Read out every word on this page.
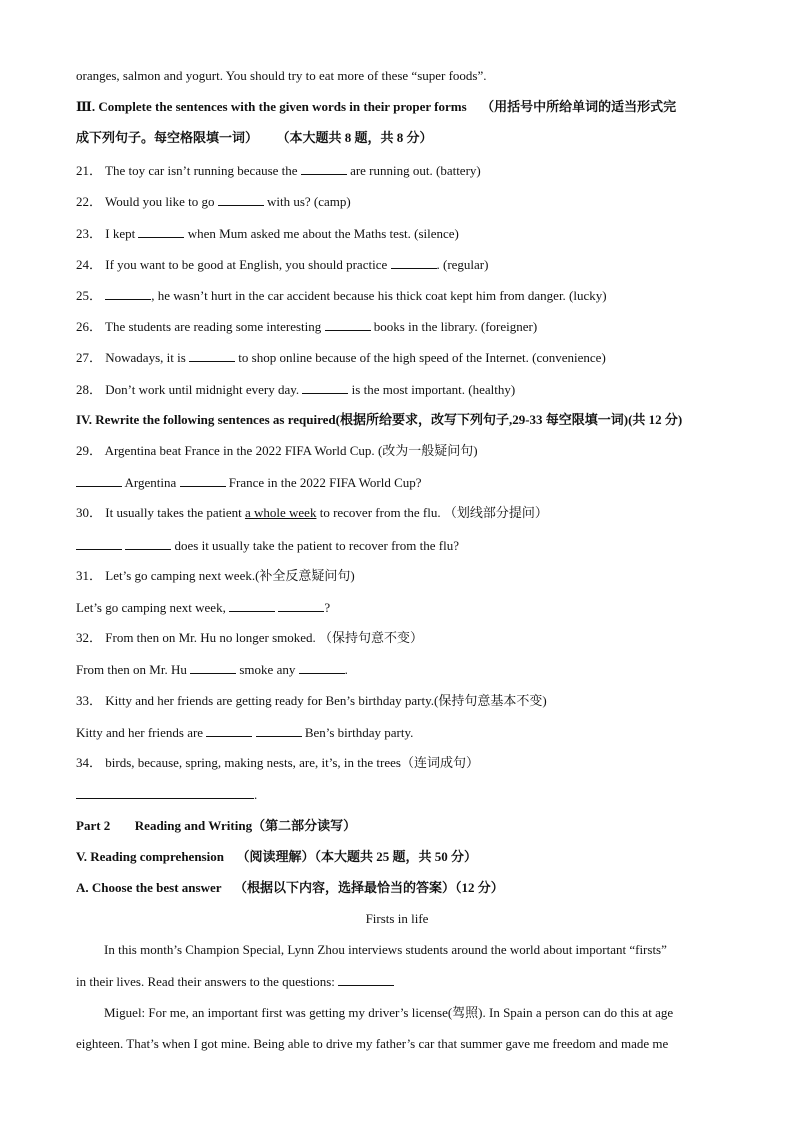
oranges, salmon and yogurt. You should try to eat more of these “super foods”.
Ⅲ. Complete the sentences with the given words in their proper forms （用括号中所给单词的适当形式完
成下列句子。每空格限填一词） （本大题共 8 题，共 8 分）
21． The toy car isn’t running because the	are running out. (battery)
22． Would you like to go	with us? (camp)
23． I kept	when Mum asked me about the Maths test. (silence)
24． If you want to be good at English, you should practice	. (regular)
25．	, he wasn’t hurt in the car accident because his thick coat kept him from danger. (lucky)
26． The students are reading some interesting	books in the library. (foreigner)
27． Nowadays, it is	to shop online because of the high speed of the Internet. (convenience)
28． Don’t work until midnight every day.	is the most important. (healthy)
IV. Rewrite the following sentences as required(根据所给要求，改写下列句子,29-33 每空限填一词)(共 12 分)
29． Argentina beat France in the 2022 FIFA World Cup. (改为一般疑问句)
Argentina	France in the 2022 FIFA World Cup?
30． It usually takes the patient a whole week to recover from the flu. （划线部分提问）
does it usually take the patient to recover from the flu?
31． Let’s go camping next week.(补全反意疑问句)
Let’s go camping next week,	?
32． From then on Mr. Hu no longer smoked. （保持句意不变）
From then on Mr. Hu	smoke any	.
33． Kitty and her friends are getting ready for Ben’s birthday party.(保持句意基本不变)
Kitty and her friends are	Ben’s birthday party.
34． birds, because, spring, making nests, are, it’s, in the trees（连词成句）
.
Part 2 Reading and Writing（第二部分读写）
V. Reading comprehension （阅读理解）（本大题共 25 题，共 50 分）
A. Choose the best answer （根据以下内容，选择最恰当的答案）（12 分）
Firsts in life
In this month’s Champion Special, Lynn Zhou interviews students around the world about important “firsts”
in their lives. Read their answers to the questions:
Miguel: For me, an important first was getting my driver’s license(驾照). In Spain a person can do this at age
eighteen. That’s when I got mine. Being able to drive my father’s car that summer gave me freedom and made me
